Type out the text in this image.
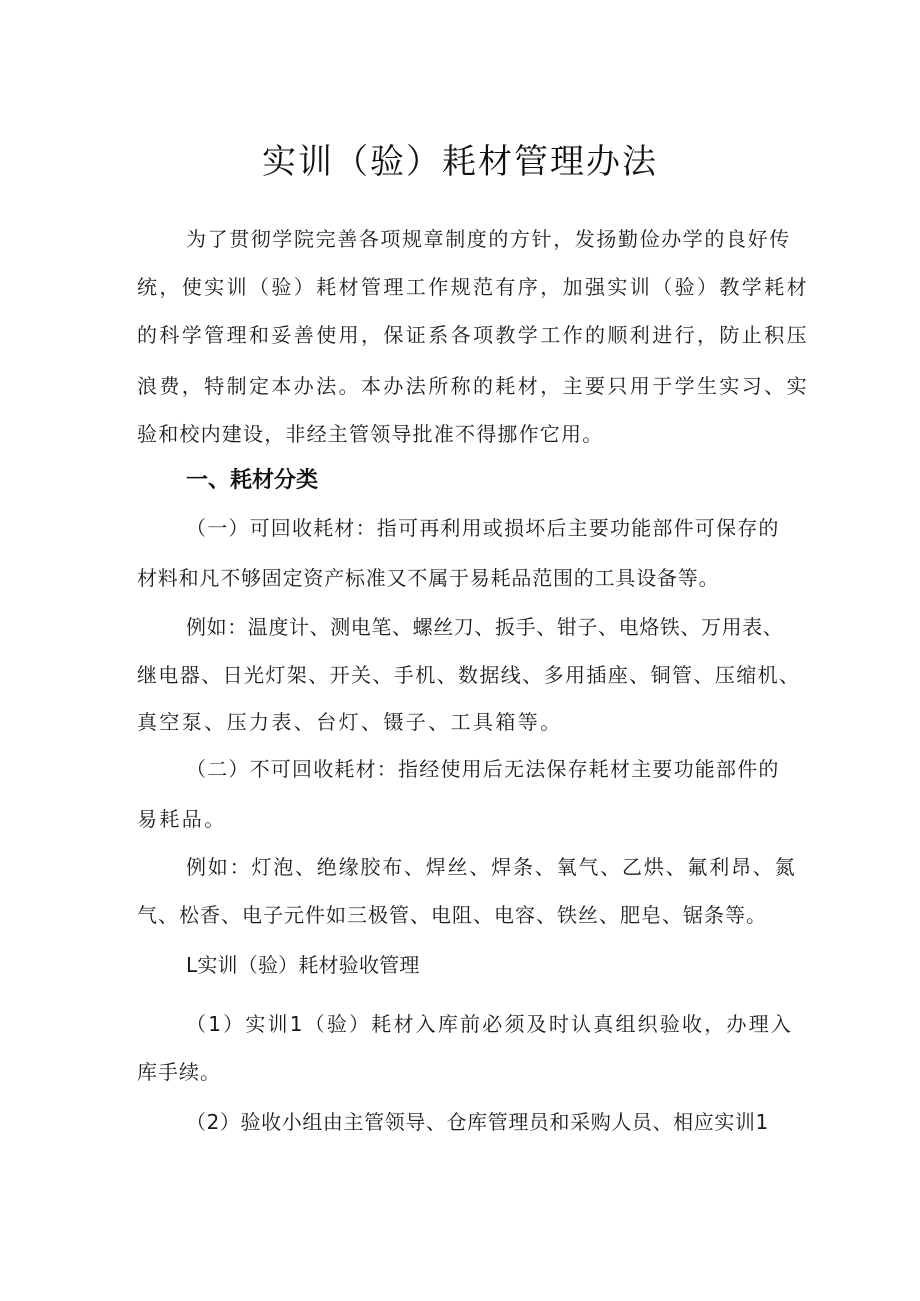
实训（验）耗材管理办法
为了贯彻学院完善各项规章制度的方针，发扬勤俭办学的良好传
统，使实训（验）耗材管理工作规范有序，加强实训（验）教学耗材
的科学管理和妥善使用，保证系各项教学工作的顺利进行，防止积压
浪费，特制定本办法。本办法所称的耗材，主要只用于学生实习、实
验和校内建设，非经主管领导批准不得挪作它用。
一、耗材分类
（一）可回收耗材：指可再利用或损坏后主要功能部件可保存的
材料和凡不够固定资产标准又不属于易耗品范围的工具设备等。
例如：温度计、测电笔、螺丝刀、扳手、钳子、电烙铁、万用表、
继电器、日光灯架、开关、手机、数据线、多用插座、铜管、压缩机、
真空泵、压力表、台灯、镊子、工具箱等。
（二）不可回收耗材：指经使用后无法保存耗材主要功能部件的
易耗品。
例如：灯泡、绝缘胶布、焊丝、焊条、氧气、乙烘、氟利昂、氮
气、松香、电子元件如三极管、电阻、电容、铁丝、肥皂、锯条等。
L实训（验）耗材验收管理
（1）实训1（验）耗材入库前必须及时认真组织验收，办理入
库手续。
（2）验收小组由主管领导、仓库管理员和采购人员、相应实训1
